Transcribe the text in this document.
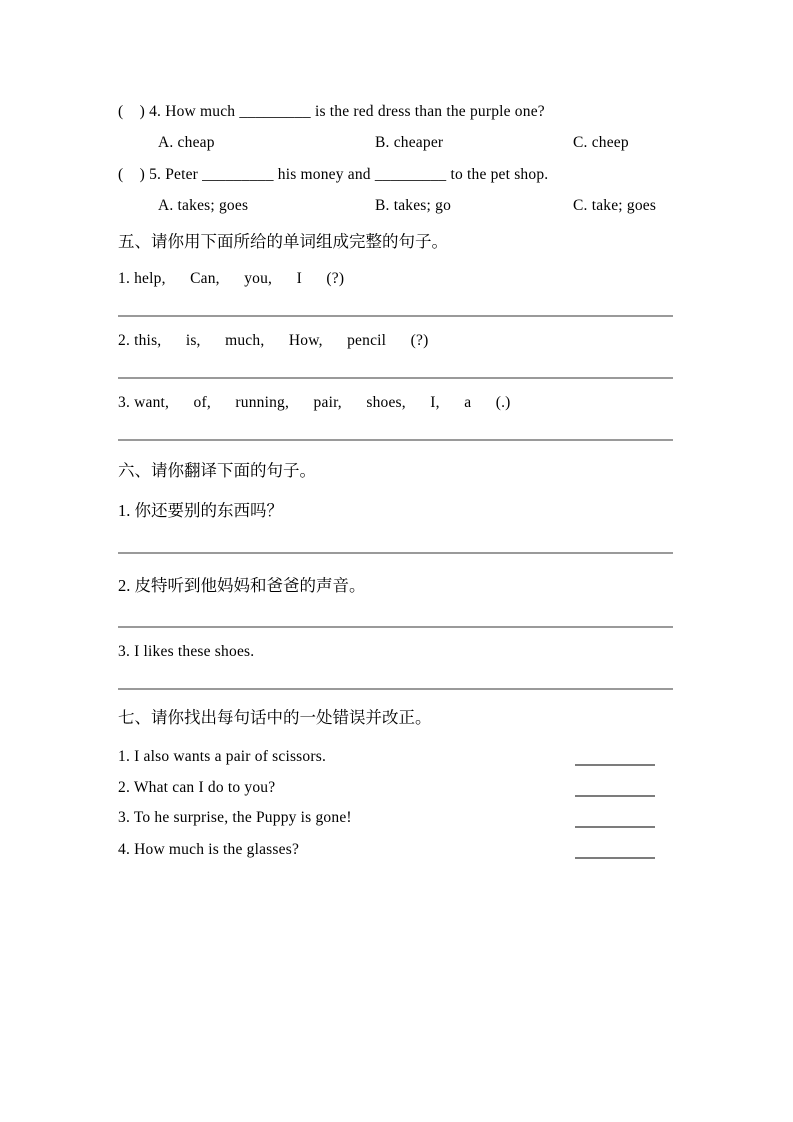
(    ) 4. How much _________ is the red dress than the purple one?

A. cheap

	B. cheaper

	C. cheep

(    ) 5. Peter _________ his money and _________ to the pet shop.

A. takes; goes

	B. takes; go

	C. take; goes

五、请你用下面所给的单词组成完整的句子。
1. help,      Can,      you,      I      (?)
2. this,      is,      much,      How,      pencil      (?)
3. want,      of,      running,      pair,      shoes,      I,      a      (.)
六、请你翻译下面的句子。
1. 你还要别的东西吗？
2. 皮特听到他妈妈和爸爸的声音。
3. I likes these shoes.
七、请你找出每句话中的一处错误并改正。
1. I also wants a pair of scissors.
2. What can I do to you?
3. To he surprise, the Puppy is gone!
4. How much is the glasses?
